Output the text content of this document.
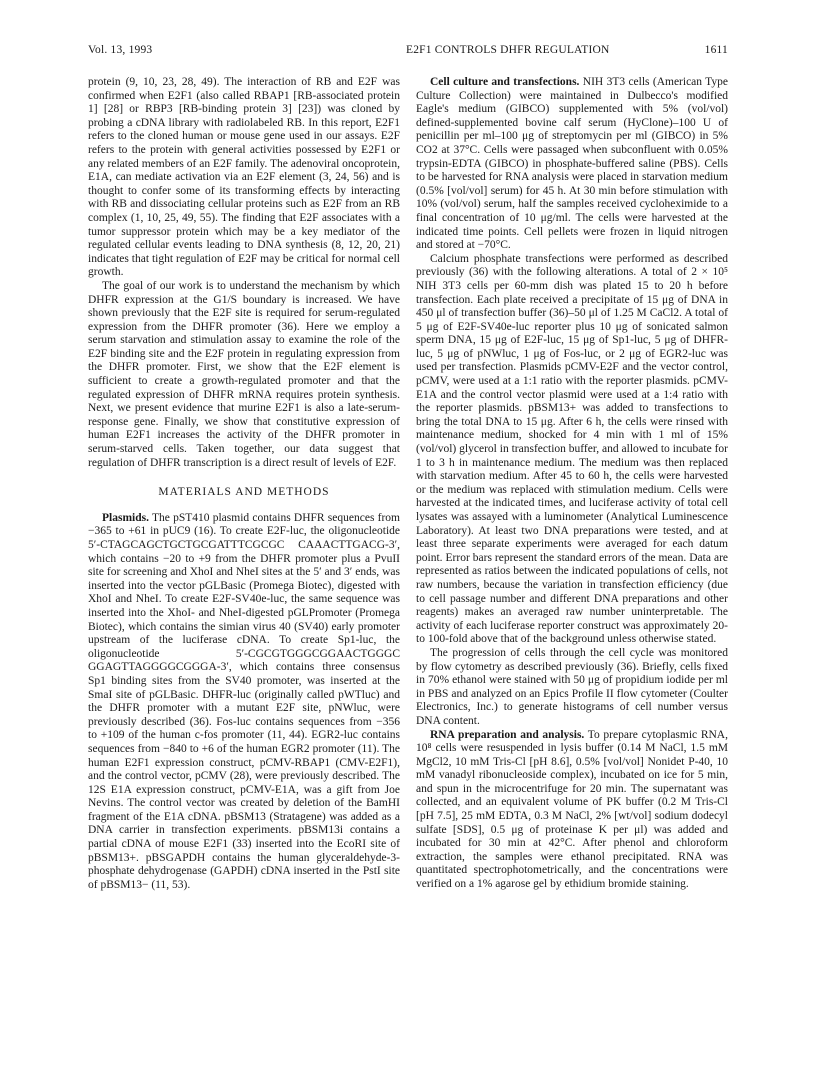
Vol. 13, 1993	E2F1 CONTROLS DHFR REGULATION	1611

protein (9, 10, 23, 28, 49). The interaction of RB and E2F was confirmed when E2F1 (also called RBAP1 [RB-associated protein 1] [28] or RBP3 [RB-binding protein 3] [23]) was cloned by probing a cDNA library with radiolabeled RB. In this report, E2F1 refers to the cloned human or mouse gene used in our assays. E2F refers to the protein with general activities possessed by E2F1 or any related members of an E2F family. The adenoviral oncoprotein, E1A, can mediate activation via an E2F element (3, 24, 56) and is thought to confer some of its transforming effects by interacting with RB and dissociating cellular proteins such as E2F from an RB complex (1, 10, 25, 49, 55). The finding that E2F associates with a tumor suppressor protein which may be a key mediator of the regulated cellular events leading to DNA synthesis (8, 12, 20, 21) indicates that tight regulation of E2F may be critical for normal cell growth.

The goal of our work is to understand the mechanism by which DHFR expression at the G1/S boundary is increased. We have shown previously that the E2F site is required for serum-regulated expression from the DHFR promoter (36). Here we employ a serum starvation and stimulation assay to examine the role of the E2F binding site and the E2F protein in regulating expression from the DHFR promoter. First, we show that the E2F element is sufficient to create a growth-regulated promoter and that the regulated expression of DHFR mRNA requires protein synthesis. Next, we present evidence that murine E2F1 is also a late-serum-response gene. Finally, we show that constitutive expression of human E2F1 increases the activity of the DHFR promoter in serum-starved cells. Taken together, our data suggest that regulation of DHFR transcription is a direct result of levels of E2F.

MATERIALS AND METHODS

Plasmids. The pST410 plasmid contains DHFR sequences from −365 to +61 in pUC9 (16). To create E2F-luc, the oligonucleotide 5′-CTAGCAGCTGCTGCGATTTCGCGC CAAACTTGACG-3′, which contains −20 to +9 from the DHFR promoter plus a PvuII site for screening and XhoI and NheI sites at the 5′ and 3′ ends, was inserted into the vector pGLBasic (Promega Biotec), digested with XhoI and NheI. To create E2F-SV40e-luc, the same sequence was inserted into the XhoI- and NheI-digested pGLPromoter (Promega Biotec), which contains the simian virus 40 (SV40) early promoter upstream of the luciferase cDNA. To create Sp1-luc, the oligonucleotide 5′-CGCGTGGGCGGAACTGGGC GGAGTTAGGGGCGGGA-3′, which contains three consensus Sp1 binding sites from the SV40 promoter, was inserted at the SmaI site of pGLBasic. DHFR-luc (originally called pWTluc) and the DHFR promoter with a mutant E2F site, pNWluc, were previously described (36). Fos-luc contains sequences from −356 to +109 of the human c-fos promoter (11, 44). EGR2-luc contains sequences from −840 to +6 of the human EGR2 promoter (11). The human E2F1 expression construct, pCMV-RBAP1 (CMV-E2F1), and the control vector, pCMV (28), were previously described. The 12S E1A expression construct, pCMV-E1A, was a gift from Joe Nevins. The control vector was created by deletion of the BamHI fragment of the E1A cDNA. pBSM13 (Stratagene) was added as a DNA carrier in transfection experiments. pBSM13i contains a partial cDNA of mouse E2F1 (33) inserted into the EcoRI site of pBSM13+. pBSGAPDH contains the human glyceraldehyde-3-phosphate dehydrogenase (GAPDH) cDNA inserted in the PstI site of pBSM13− (11, 53).

Cell culture and transfections. NIH 3T3 cells (American Type Culture Collection) were maintained in Dulbecco's modified Eagle's medium (GIBCO) supplemented with 5% (vol/vol) defined-supplemented bovine calf serum (HyClone)–100 U of penicillin per ml–100 μg of streptomycin per ml (GIBCO) in 5% CO2 at 37°C. Cells were passaged when subconfluent with 0.05% trypsin-EDTA (GIBCO) in phosphate-buffered saline (PBS). Cells to be harvested for RNA analysis were placed in starvation medium (0.5% [vol/vol] serum) for 45 h. At 30 min before stimulation with 10% (vol/vol) serum, half the samples received cycloheximide to a final concentration of 10 μg/ml. The cells were harvested at the indicated time points. Cell pellets were frozen in liquid nitrogen and stored at −70°C.

Calcium phosphate transfections were performed as described previously (36) with the following alterations. A total of 2 × 10⁵ NIH 3T3 cells per 60-mm dish was plated 15 to 20 h before transfection. Each plate received a precipitate of 15 μg of DNA in 450 μl of transfection buffer (36)–50 μl of 1.25 M CaCl2. A total of 5 μg of E2F-SV40e-luc reporter plus 10 μg of sonicated salmon sperm DNA, 15 μg of E2F-luc, 15 μg of Sp1-luc, 5 μg of DHFR-luc, 5 μg of pNWluc, 1 μg of Fos-luc, or 2 μg of EGR2-luc was used per transfection. Plasmids pCMV-E2F and the vector control, pCMV, were used at a 1:1 ratio with the reporter plasmids. pCMV-E1A and the control vector plasmid were used at a 1:4 ratio with the reporter plasmids. pBSM13+ was added to transfections to bring the total DNA to 15 μg. After 6 h, the cells were rinsed with maintenance medium, shocked for 4 min with 1 ml of 15% (vol/vol) glycerol in transfection buffer, and allowed to incubate for 1 to 3 h in maintenance medium. The medium was then replaced with starvation medium. After 45 to 60 h, the cells were harvested or the medium was replaced with stimulation medium. Cells were harvested at the indicated times, and luciferase activity of total cell lysates was assayed with a luminometer (Analytical Luminescence Laboratory). At least two DNA preparations were tested, and at least three separate experiments were averaged for each datum point. Error bars represent the standard errors of the mean. Data are represented as ratios between the indicated populations of cells, not raw numbers, because the variation in transfection efficiency (due to cell passage number and different DNA preparations and other reagents) makes an averaged raw number uninterpretable. The activity of each luciferase reporter construct was approximately 20- to 100-fold above that of the background unless otherwise stated.

The progression of cells through the cell cycle was monitored by flow cytometry as described previously (36). Briefly, cells fixed in 70% ethanol were stained with 50 μg of propidium iodide per ml in PBS and analyzed on an Epics Profile II flow cytometer (Coulter Electronics, Inc.) to generate histograms of cell number versus DNA content.

RNA preparation and analysis. To prepare cytoplasmic RNA, 10⁸ cells were resuspended in lysis buffer (0.14 M NaCl, 1.5 mM MgCl2, 10 mM Tris-Cl [pH 8.6], 0.5% [vol/vol] Nonidet P-40, 10 mM vanadyl ribonucleoside complex), incubated on ice for 5 min, and spun in the microcentrifuge for 20 min. The supernatant was collected, and an equivalent volume of PK buffer (0.2 M Tris-Cl [pH 7.5], 25 mM EDTA, 0.3 M NaCl, 2% [wt/vol] sodium dodecyl sulfate [SDS], 0.5 μg of proteinase K per μl) was added and incubated for 30 min at 42°C. After phenol and chloroform extraction, the samples were ethanol precipitated. RNA was quantitated spectrophotometrically, and the concentrations were verified on a 1% agarose gel by ethidium bromide staining.
